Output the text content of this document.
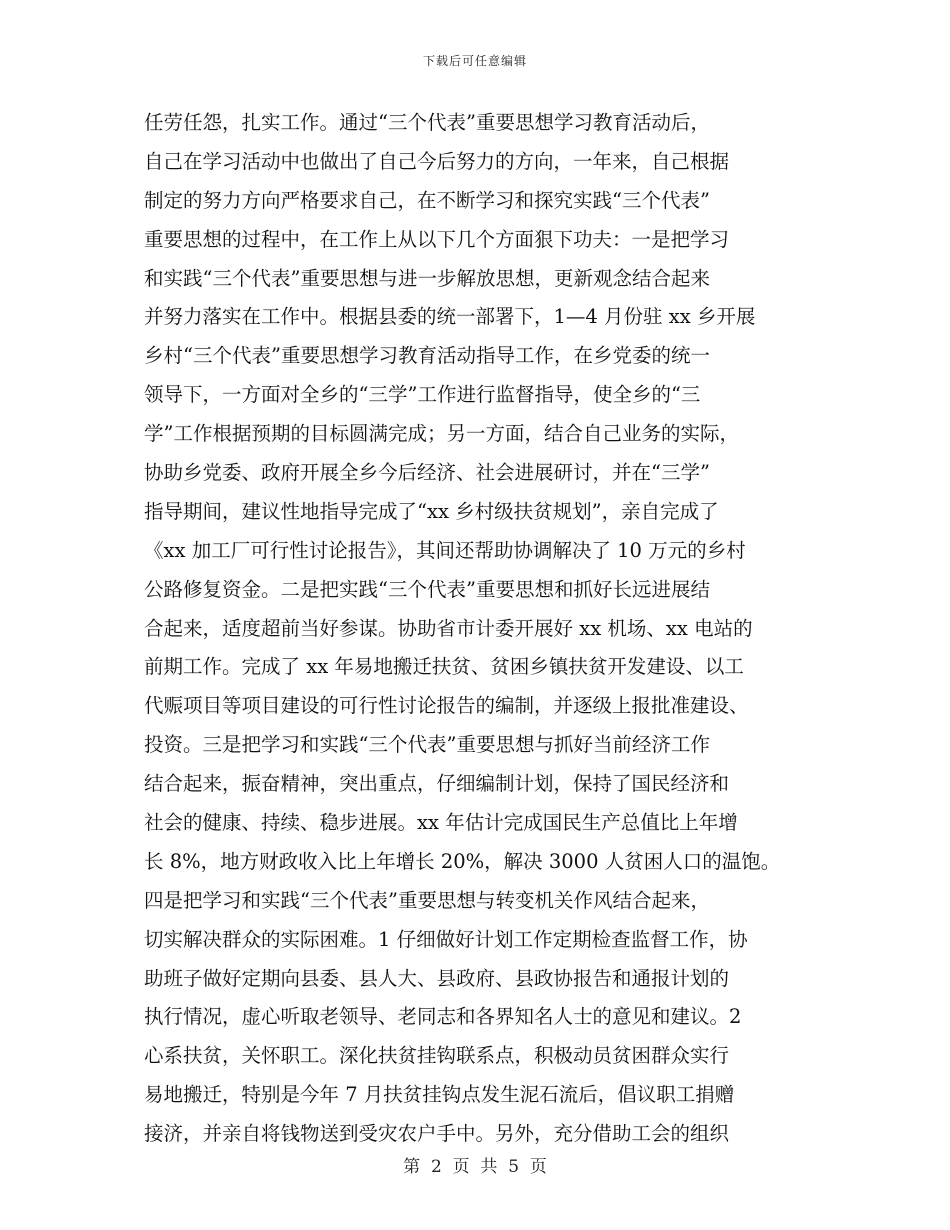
下载后可任意编辑
任劳任怨，扎实工作。通过“三个代表”重要思想学习教育活动后，
自己在学习活动中也做出了自己今后努力的方向，一年来，自己根据
制定的努力方向严格要求自己，在不断学习和探究实践“三个代表”
重要思想的过程中，在工作上从以下几个方面狠下功夫：一是把学习
和实践“三个代表”重要思想与进一步解放思想，更新观念结合起来
并努力落实在工作中。根据县委的统一部署下，1—4 月份驻 xx 乡开展
乡村“三个代表”重要思想学习教育活动指导工作，在乡党委的统一
领导下，一方面对全乡的“三学”工作进行监督指导，使全乡的“三
学”工作根据预期的目标圆满完成；另一方面，结合自己业务的实际，
协助乡党委、政府开展全乡今后经济、社会进展研讨，并在“三学”
指导期间，建议性地指导完成了“xx 乡村级扶贫规划”，亲自完成了
《xx 加工厂可行性讨论报告》，其间还帮助协调解决了 10 万元的乡村
公路修复资金。二是把实践“三个代表”重要思想和抓好长远进展结
合起来，适度超前当好参谋。协助省市计委开展好 xx 机场、xx 电站的
前期工作。完成了 xx 年易地搬迁扶贫、贫困乡镇扶贫开发建设、以工
代赈项目等项目建设的可行性讨论报告的编制，并逐级上报批准建设、
投资。三是把学习和实践“三个代表”重要思想与抓好当前经济工作
结合起来，振奋精神，突出重点，仔细编制计划，保持了国民经济和
社会的健康、持续、稳步进展。xx 年估计完成国民生产总值比上年增
长 8%，地方财政收入比上年增长 20%，解决 3000 人贫困人口的温饱。
四是把学习和实践“三个代表”重要思想与转变机关作风结合起来，
切实解决群众的实际困难。1 仔细做好计划工作定期检查监督工作，协
助班子做好定期向县委、县人大、县政府、县政协报告和通报计划的
执行情况，虚心听取老领导、老同志和各界知名人士的意见和建议。2
心系扶贫，关怀职工。深化扶贫挂钩联系点，积极动员贫困群众实行
易地搬迁，特别是今年 7 月扶贫挂钩点发生泥石流后，倡议职工捐赠
接济，并亲自将钱物送到受灾农户手中。另外，充分借助工会的组织
第  2  页  共  5  页
